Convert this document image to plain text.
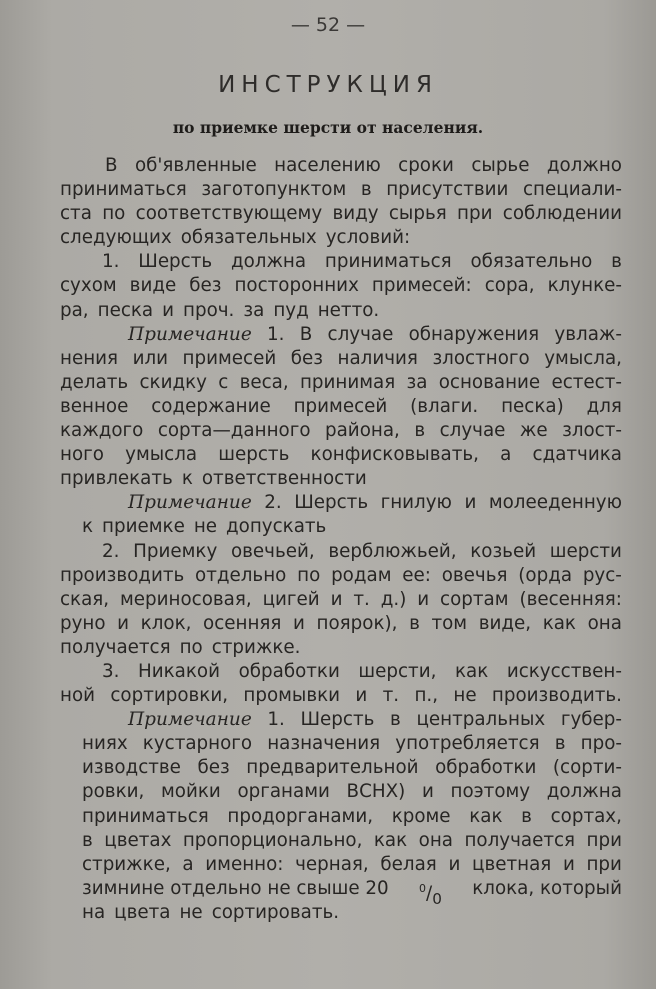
— 52 —
ИНСТРУКЦИЯ
по приемке шерсти от населения.
В об'явленные населению сроки сырье должно
приниматься заготопунктом в присутствии специали-
ста по соответствующему виду сырья при соблюдении
следующих обязательных условий:
1. Шерсть должна приниматься обязательно в
сухом виде без посторонних примесей: сора, клунке-
ра, песка и проч. за пуд нетто.
Примечание 1. В случае обнаружения увлаж-
нения или примесей без наличия злостного умысла,
делать скидку с веса, принимая за основание естест-
венное содержание примесей (влаги. песка) для
каждого сорта—данного района, в случае же злост-
ного умысла шерсть конфисковывать, а сдатчика
привлекать к ответственности
Примечание 2. Шерсть гнилую и молееденную
к приемке не допускать
2. Приемку овечьей, верблюжьей, козьей шерсти
производить отдельно по родам ее: овечья (орда рус-
ская, мериносовая, цигей и т. д.) и сортам (весенняя:
руно и клок, осенняя и поярок), в том виде, как она
получается по стрижке.
3. Никакой обработки шерсти, как искусствен-
ной сортировки, промывки и т. п., не производить.
Примечание 1. Шерсть в центральных губер-
ниях кустарного назначения употребляется в про-
изводстве без предварительной обработки (сорти-
ровки, мойки органами ВСНХ) и поэтому должна
приниматься продорганами, кроме как в сортах,
в цветах пропорционально, как она получается при
стрижке, а именно: черная, белая и цветная и при
зимнине отдельно не свыше 20	$^0/_0$ клока, который
на цвета не сортировать.
